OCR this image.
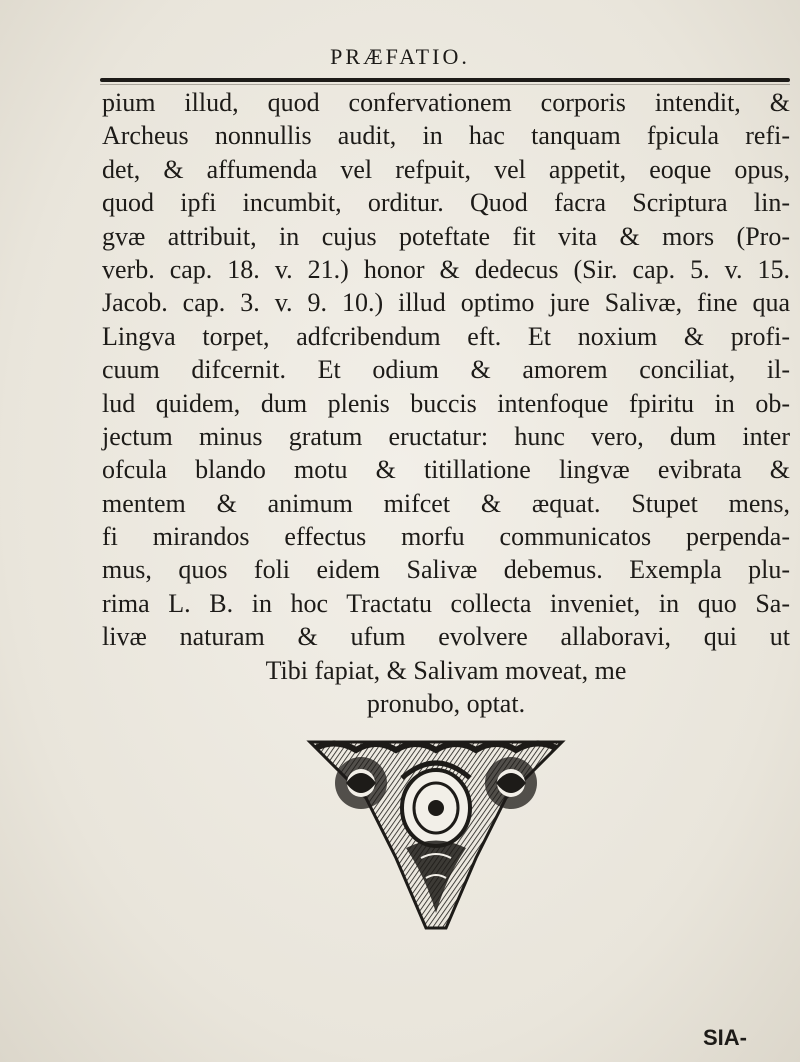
PRÆFATIO.
pium illud, quod confervationem corporis intendit, &
Archeus nonnullis audit, in hac tanquam fpicula refi-
det, & affumenda vel refpuit, vel appetit, eoque opus,
quod ipfi incumbit, orditur. Quod facra Scriptura lin-
gvæ attribuit, in cujus poteftate fit vita & mors (Pro-
verb. cap. 18. v. 21.) honor & dedecus (Sir. cap. 5. v. 15.
Jacob. cap. 3. v. 9. 10.) illud optimo jure Salivæ, fine qua
Lingva torpet, adfcribendum eft. Et noxium & profi-
cuum difcernit. Et odium & amorem conciliat, il-
lud quidem, dum plenis buccis intenfoque fpiritu in ob-
jectum minus gratum eructatur: hunc vero, dum inter
ofcula blando motu & titillatione lingvæ evibrata &
mentem & animum mifcet & æquat. Stupet mens,
fi mirandos effectus morfu communicatos perpenda-
mus, quos foli eidem Salivæ debemus. Exempla plu-
rima L. B. in hoc Tractatu collecta inveniet, in quo Sa-
livæ naturam & ufum evolvere allaboravi, qui ut
Tibi fapiat, & Salivam moveat, me
pronubo, optat.
SIA-
